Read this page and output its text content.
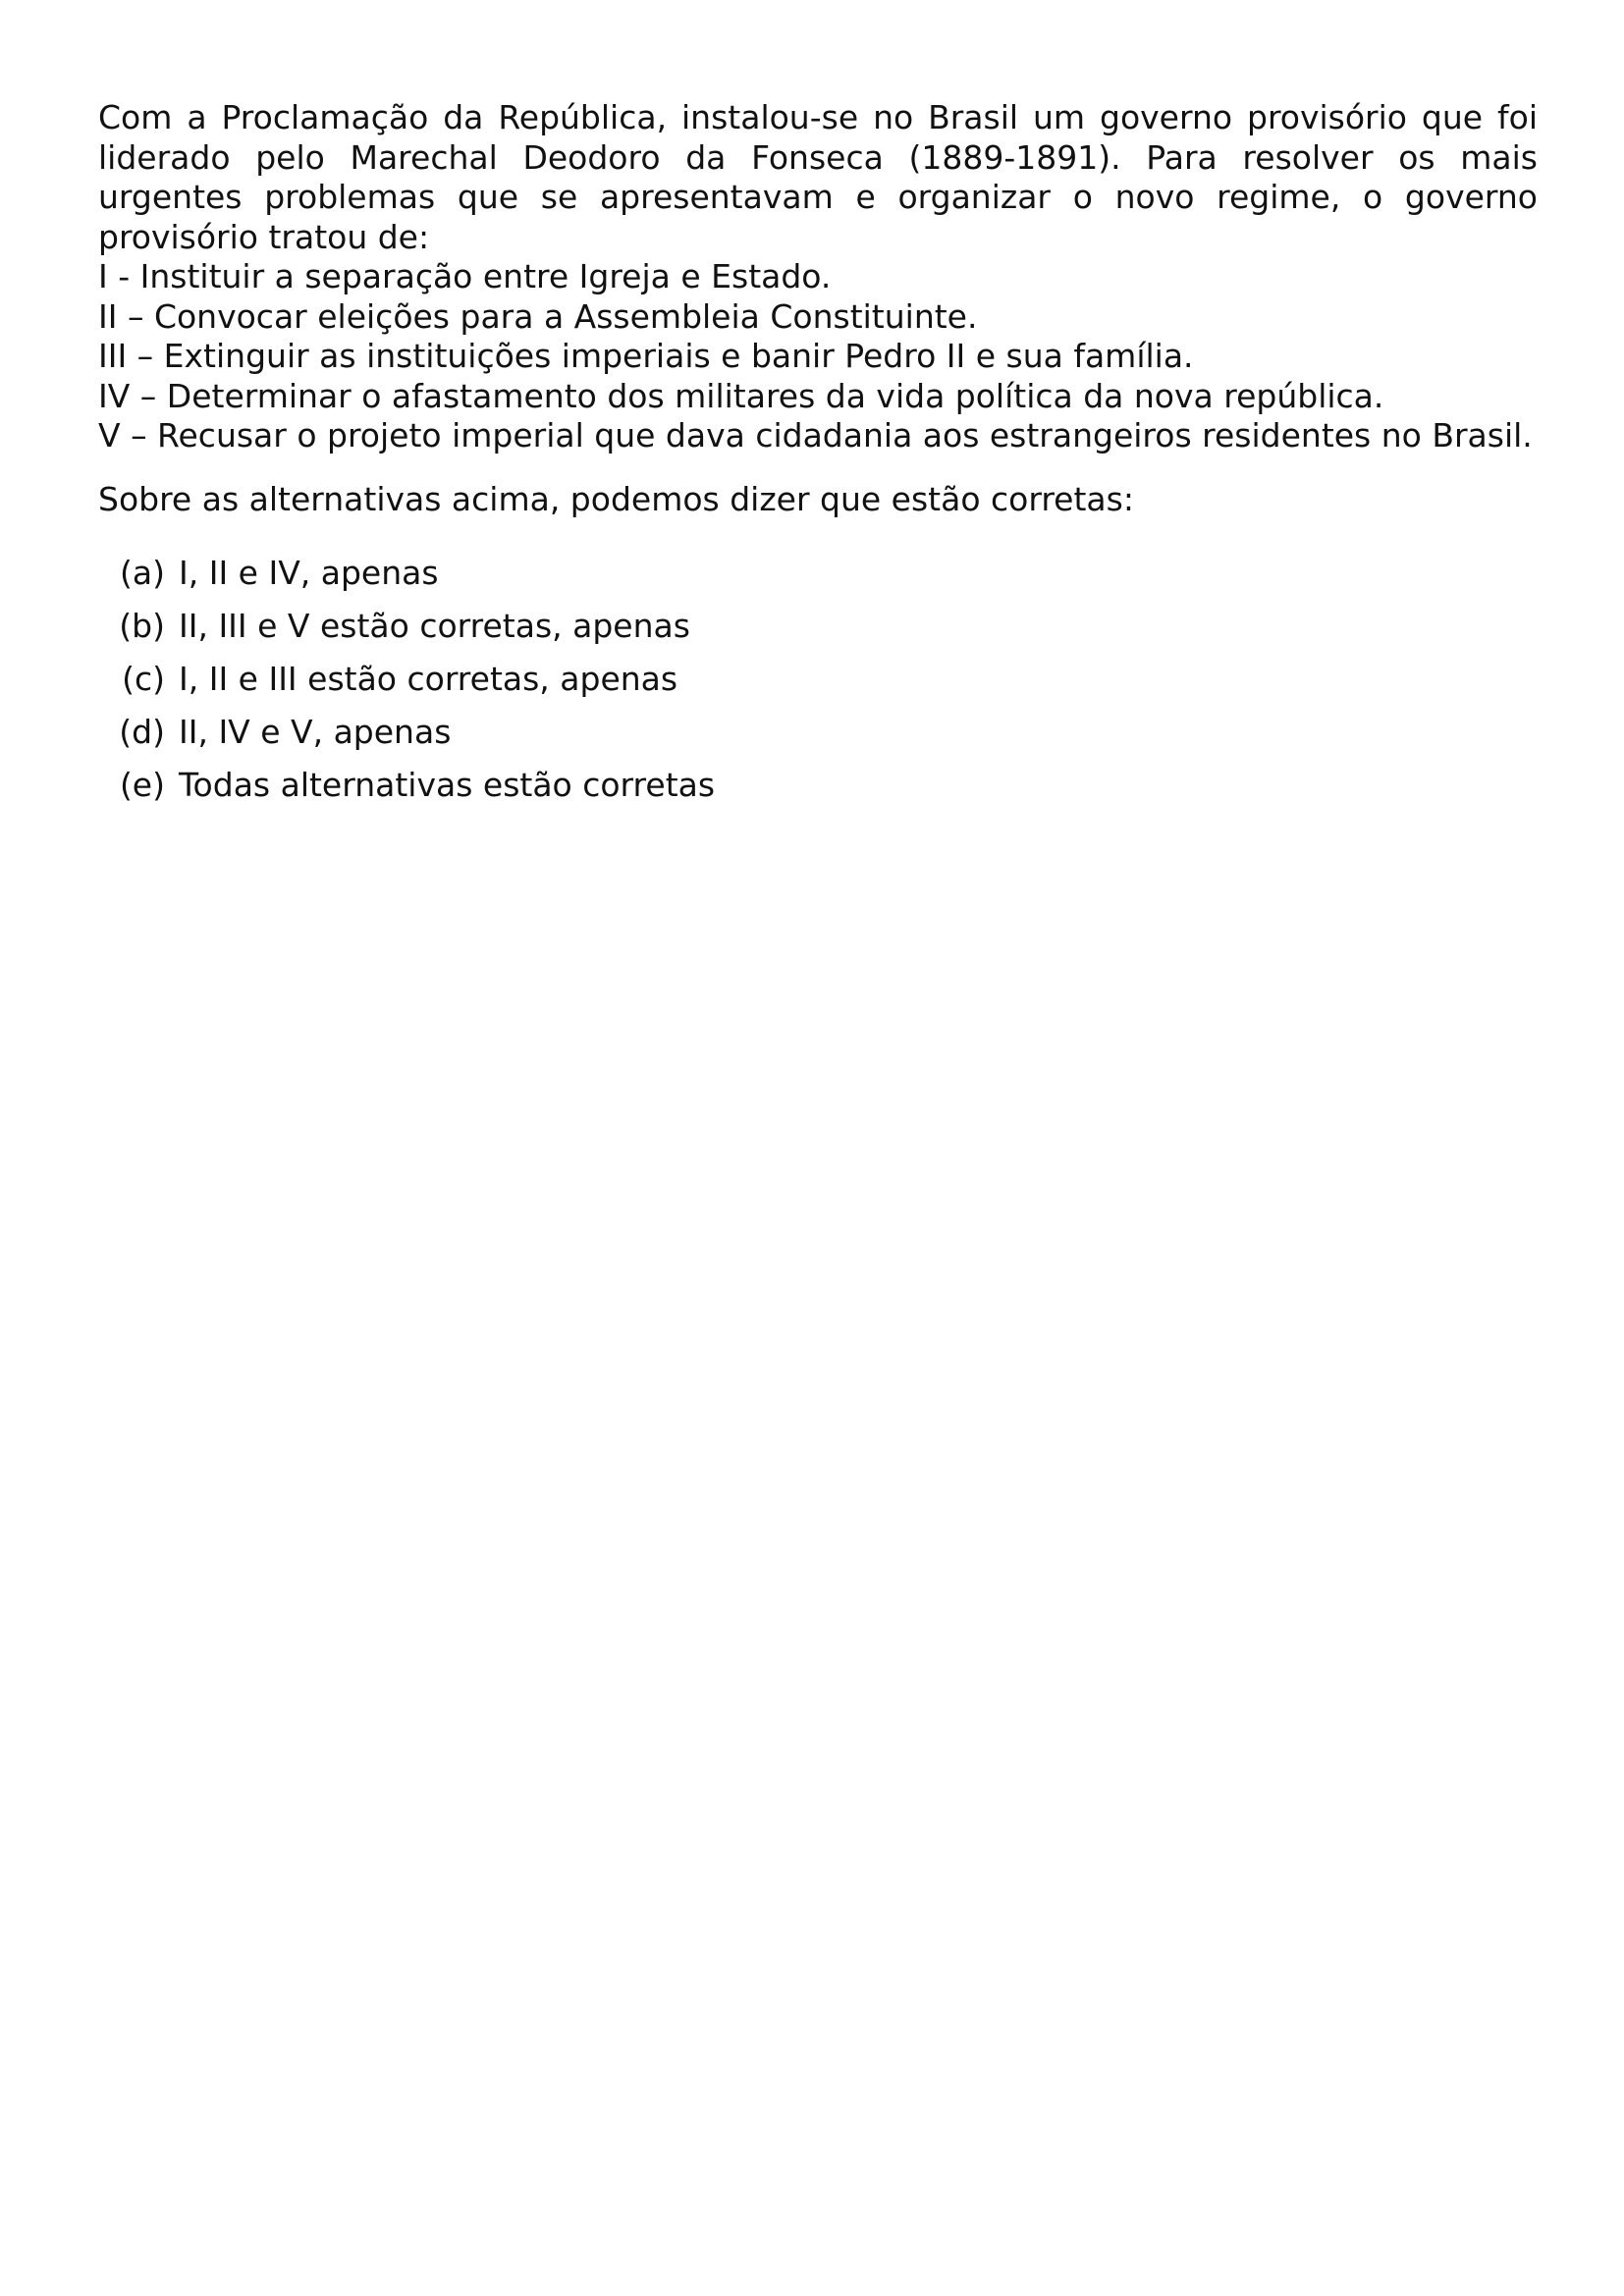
Com a Proclamação da República, instalou-se no Brasil um governo provisório que foi liderado pelo Marechal Deodoro da Fonseca (1889-1891). Para resolver os mais urgentes problemas que se apresentavam e organizar o novo regime, o governo provisório tratou de:

I - Instituir a separação entre Igreja e Estado.
II – Convocar eleições para a Assembleia Constituinte.
III – Extinguir as instituições imperiais e banir Pedro II e sua família.
IV – Determinar o afastamento dos militares da vida política da nova república.
V – Recusar o projeto imperial que dava cidadania aos estrangeiros residentes no Brasil.

Sobre as alternativas acima, podemos dizer que estão corretas:

(a) I, II e IV, apenas
(b) II, III e V estão corretas, apenas
(c) I, II e III estão corretas, apenas
(d) II, IV e V, apenas
(e) Todas alternativas estão corretas
